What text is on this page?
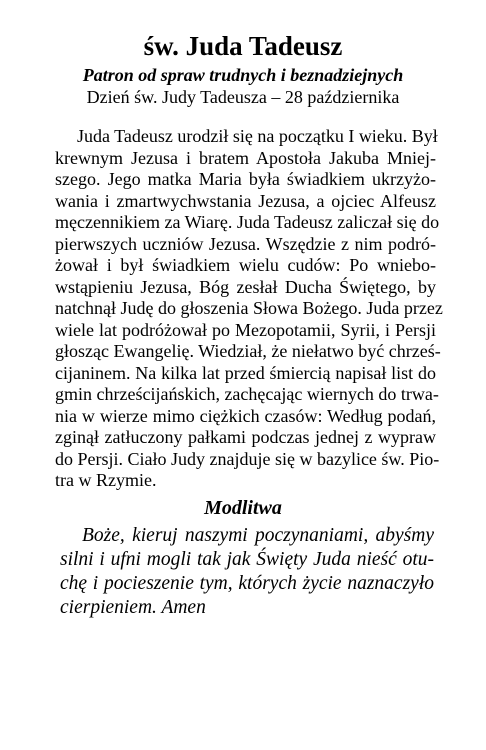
św. Juda Tadeusz
Patron od spraw trudnych i beznadziejnych
Dzień św. Judy Tadeusza – 28 października
Juda Tadeusz urodził się na początku I wieku. Był
krewnym Jezusa i bratem Apostoła Jakuba Mniej-
szego. Jego matka Maria była świadkiem ukrzyżo-
wania i zmartwychwstania Jezusa, a ojciec Alfeusz
męczennikiem za Wiarę. Juda Tadeusz zaliczał się do
pierwszych uczniów Jezusa. Wszędzie z nim podró-
żował i był świadkiem wielu cudów: Po wniebo-
wstąpieniu Jezusa, Bóg zesłał Ducha Świętego, by
natchnął Judę do głoszenia Słowa Bożego. Juda przez
wiele lat podróżował po Mezopotamii, Syrii, i Persji
głosząc Ewangelię. Wiedział, że niełatwo być chrześ-
cijaninem. Na kilka lat przed śmiercią napisał list do
gmin chrześcijańskich, zachęcając wiernych do trwa-
nia w wierze mimo ciężkich czasów: Według podań,
zginął zatłuczony pałkami podczas jednej z wypraw
do Persji. Ciało Judy znajduje się w bazylice św. Pio-
tra w Rzymie.
Modlitwa
Boże, kieruj naszymi poczynaniami, abyśmy
silni i ufni mogli tak jak Święty Juda nieść otu-
chę i pocieszenie tym, których życie naznaczyło
cierpieniem. Amen
